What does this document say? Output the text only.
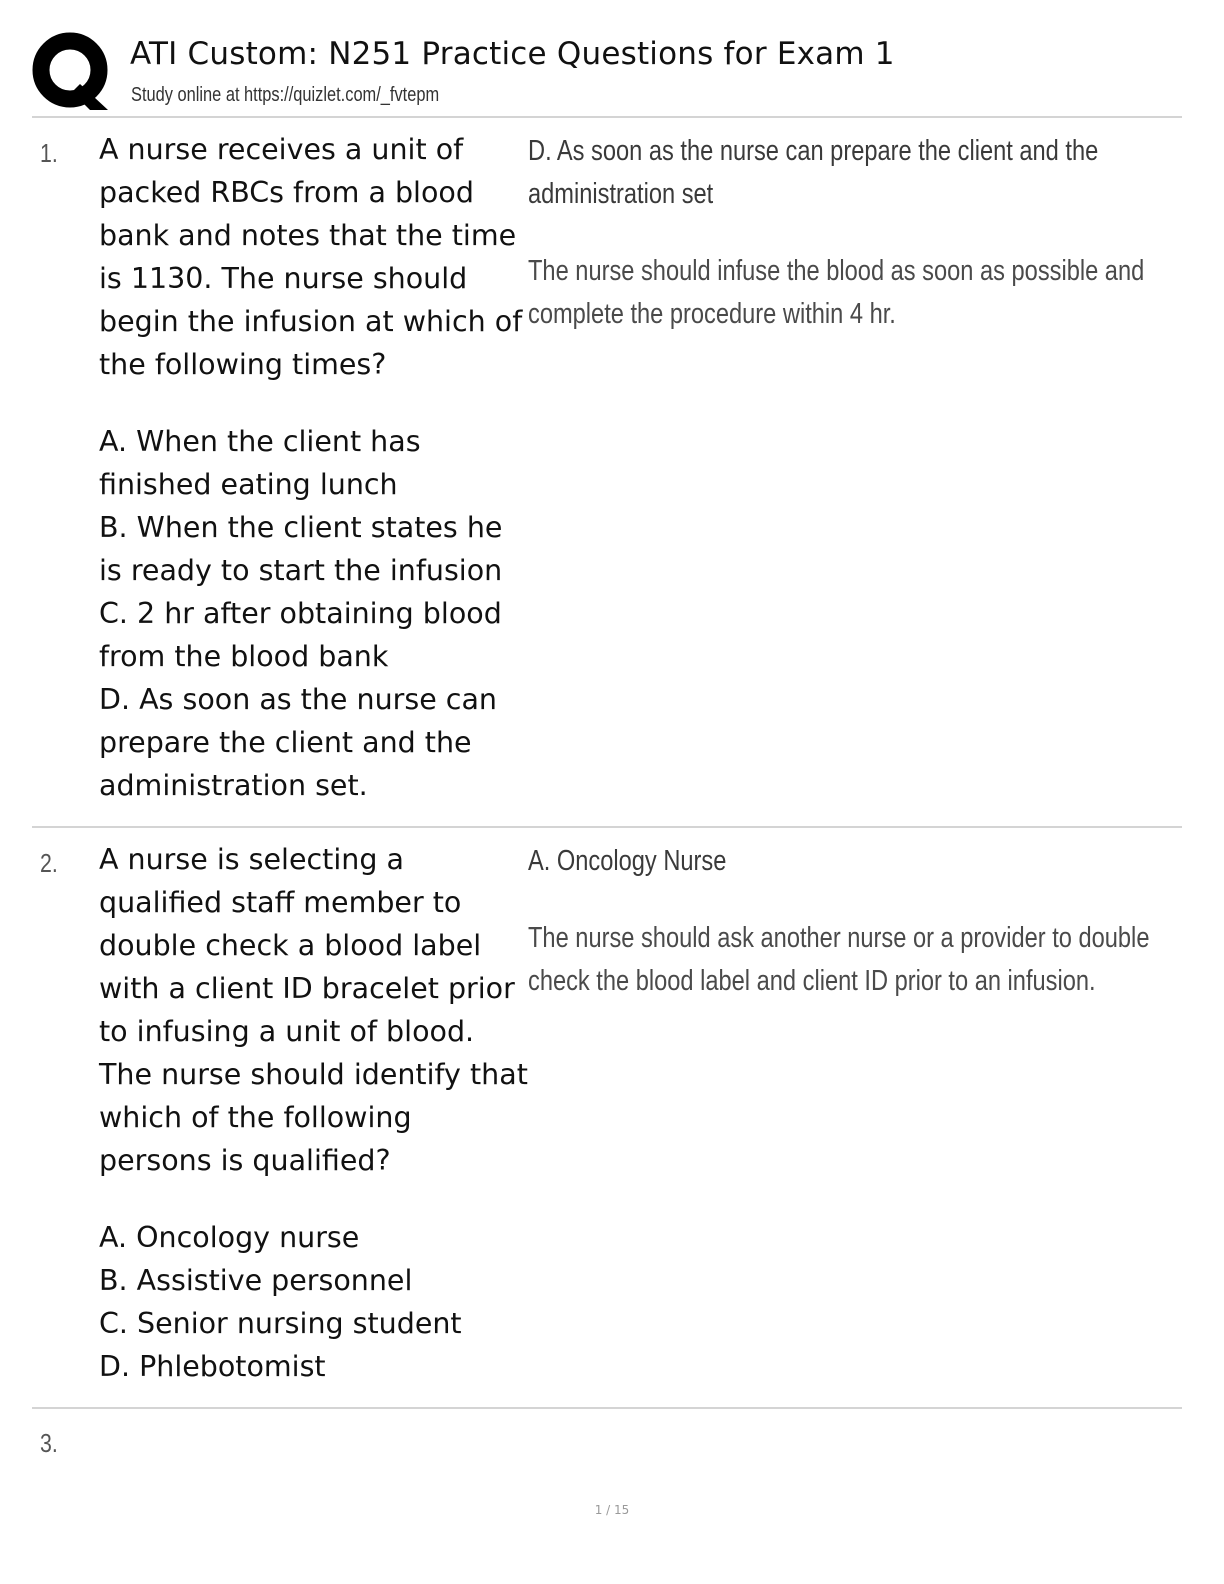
ATI Custom: N251 Practice Questions for Exam 1
Study online at https://quizlet.com/_fvtepm
1. A nurse receives a unit of packed RBCs from a blood bank and notes that the time is 1130. The nurse should begin the infusion at which of the following times?

A. When the client has finished eating lunch
B. When the client states he is ready to start the infusion
C. 2 hr after obtaining blood from the blood bank
D. As soon as the nurse can prepare the client and the administration set.

D. As soon as the nurse can prepare the client and the administration set

The nurse should infuse the blood as soon as possible and complete the procedure within 4 hr.

2. A nurse is selecting a qualified staff member to double check a blood label with a client ID bracelet prior to infusing a unit of blood. The nurse should identify that which of the following persons is qualified?

A. Oncology nurse
B. Assistive personnel
C. Senior nursing student
D. Phlebotomist

A. Oncology Nurse

The nurse should ask another nurse or a provider to double check the blood label and client ID prior to an infusion.

3.
1 / 15
